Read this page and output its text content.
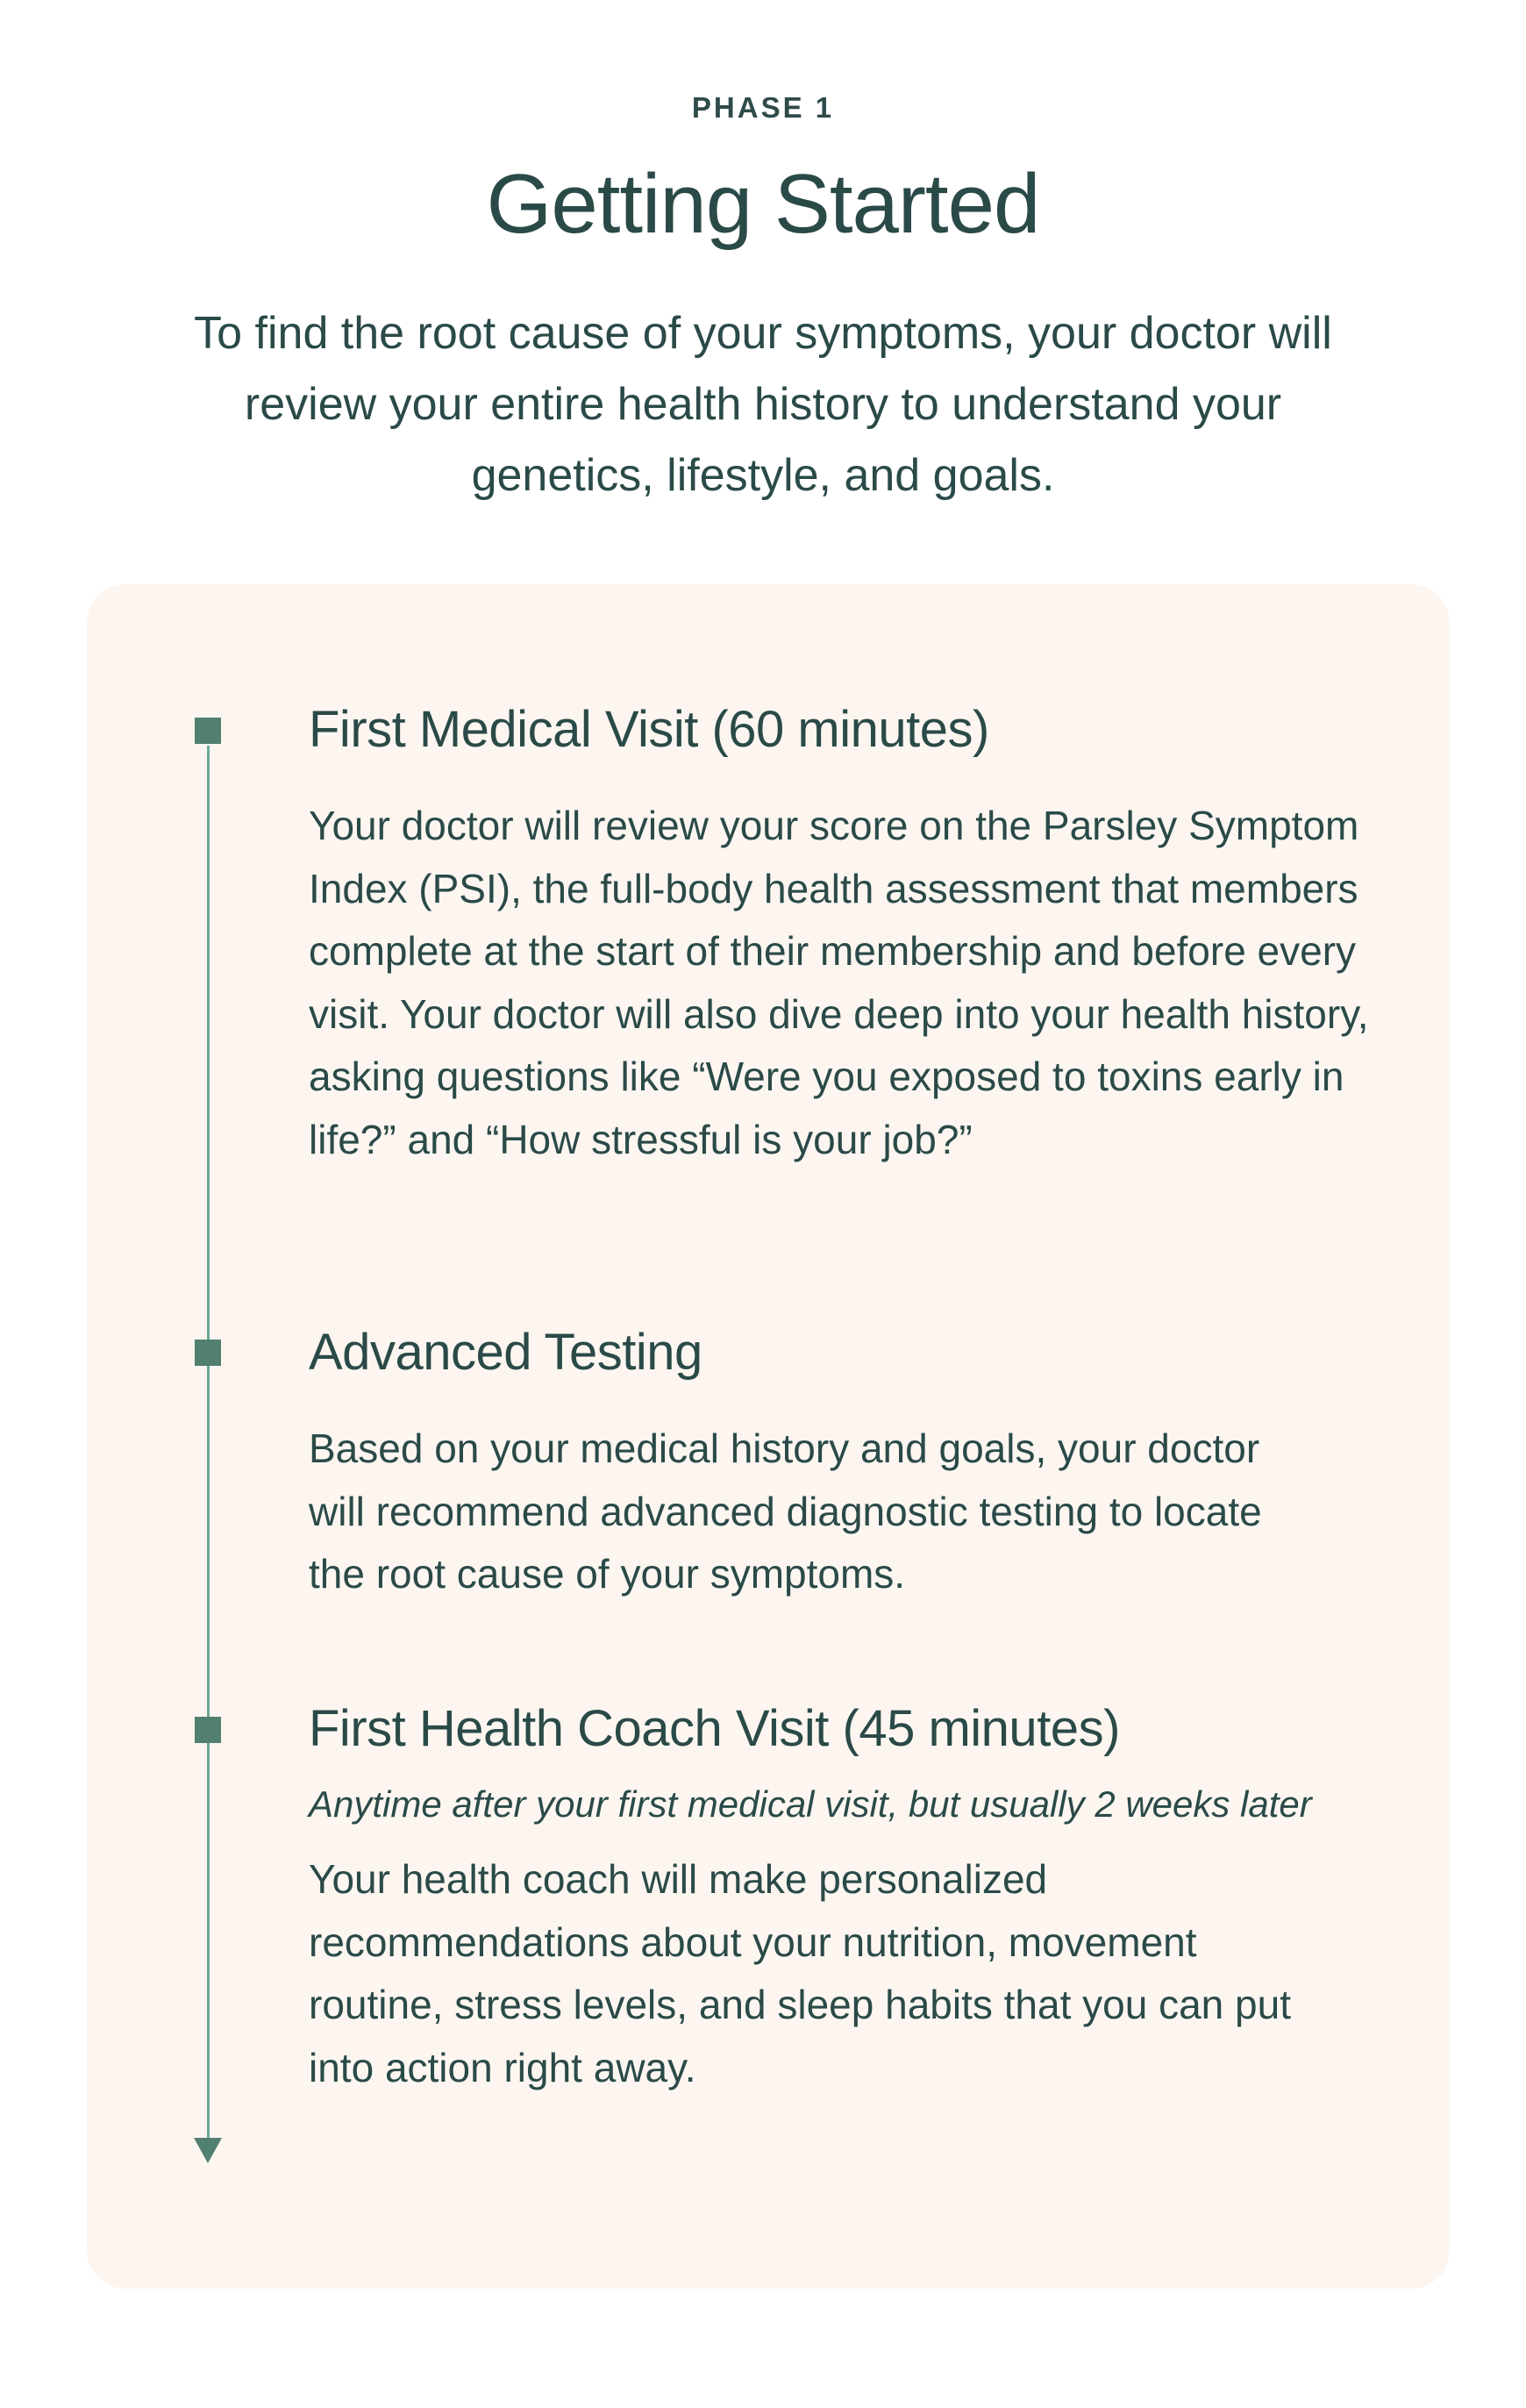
PHASE 1
Getting Started
To find the root cause of your symptoms, your doctor will review your entire health history to understand your genetics, lifestyle, and goals.
First Medical Visit (60 minutes)

Your doctor will review your score on the Parsley Symptom Index (PSI), the full-body health assessment that members complete at the start of their membership and before every visit. Your doctor will also dive deep into your health history, asking questions like “Were you exposed to toxins early in life?” and “How stressful is your job?”

Advanced Testing

Based on your medical history and goals, your doctor will recommend advanced diagnostic testing to locate the root cause of your symptoms.

First Health Coach Visit (45 minutes)
Anytime after your first medical visit, but usually 2 weeks later

Your health coach will make personalized recommendations about your nutrition, movement routine, stress levels, and sleep habits that you can put into action right away.
